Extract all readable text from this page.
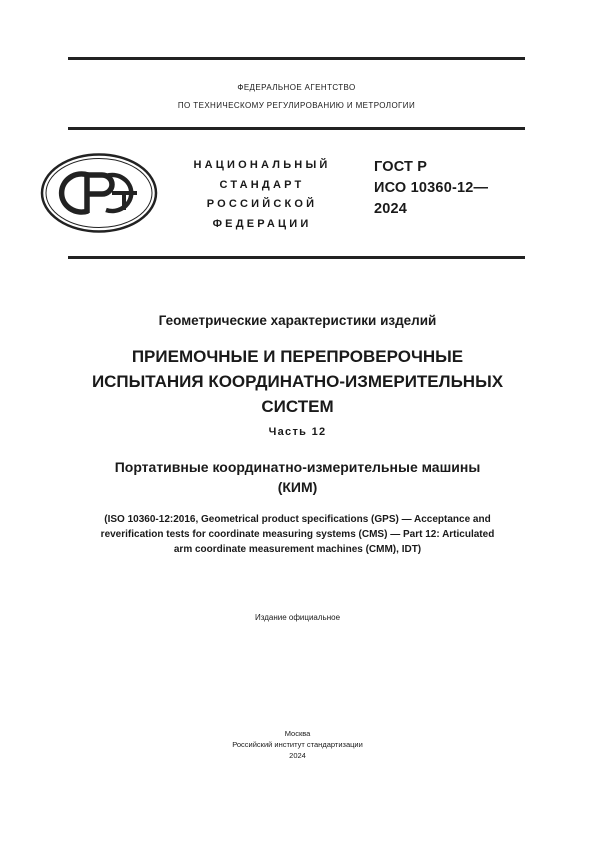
ФЕДЕРАЛЬНОЕ АГЕНТСТВО
ПО ТЕХНИЧЕСКОМУ РЕГУЛИРОВАНИЮ И МЕТРОЛОГИИ
НАЦИОНАЛЬНЫЙ
СТАНДАРТ
РОССИЙСКОЙ
ФЕДЕРАЦИИ
ГОСТ Р
ИСО 10360-12—
2024
Геометрические характеристики изделий
ПРИЕМОЧНЫЕ И ПЕРЕПРОВЕРОЧНЫЕ
ИСПЫТАНИЯ КООРДИНАТНО-ИЗМЕРИТЕЛЬНЫХ
СИСТЕМ
Часть 12
Портативные координатно-измерительные машины
(КИМ)
(ISO 10360-12:2016, Geometrical product specifications (GPS) — Acceptance and
reverification tests for coordinate measuring systems (CMS) — Part 12: Articulated
arm coordinate measurement machines (CMM), IDT)
Издание официальное
Москва
Российский институт стандартизации
2024
